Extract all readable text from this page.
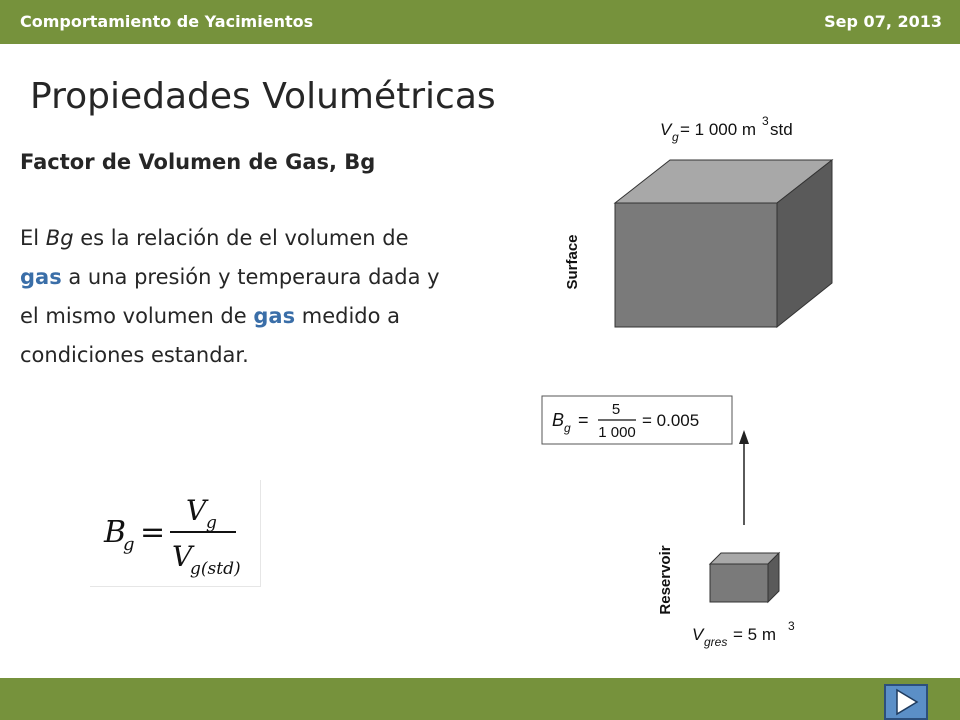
Comportamiento de Yacimientos	Sep 07, 2013
Propiedades Volumétricas
Factor de Volumen de Gas, Bg
El Bg es la relación de el volumen de gas a una presión y temperaura dada y el mismo volumen de gas medido a condiciones estandar.
B
g =
V g
V
g(std)
V g = 1 000 m 3 std
Surface
B g =
5
1 000
= 0.005
Reservoir
V gres = 5 m 3
